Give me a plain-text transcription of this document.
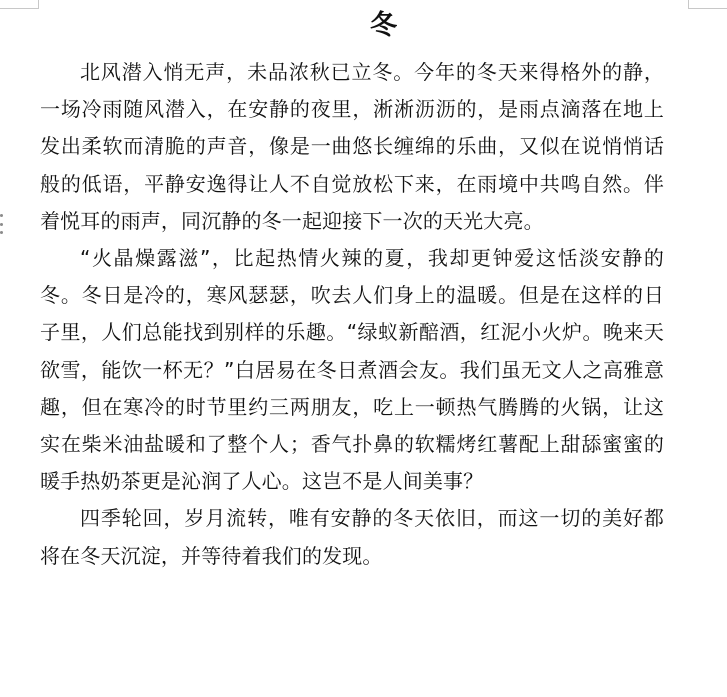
冬

北风潜入悄无声，未品浓秋已立冬。今年的冬天来得格外的静，一场冷雨随风潜入，在安静的夜里，淅淅沥沥的，是雨点滴落在地上发出柔软而清脆的声音，像是一曲悠长缠绵的乐曲，又似在说悄悄话般的低语，平静安逸得让人不自觉放松下来，在雨境中共鸣自然。伴着悦耳的雨声，同沉静的冬一起迎接下一次的天光大亮。

“火晶燥露滋”，比起热情火辣的夏，我却更钟爱这恬淡安静的冬。冬日是冷的，寒风瑟瑟，吹去人们身上的温暖。但是在这样的日子里，人们总能找到别样的乐趣。“绿蚁新醅酒，红泥小火炉。晚来天欲雪，能饮一杯无？”白居易在冬日煮酒会友。我们虽无文人之高雅意趣，但在寒冷的时节里约三两朋友，吃上一顿热气腾腾的火锅，让这实在柴米油盐暖和了整个人；香气扑鼻的软糯烤红薯配上甜舔蜜蜜的暖手热奶茶更是沁润了人心。这岂不是人间美事？

四季轮回，岁月流转，唯有安静的冬天依旧，而这一切的美好都将在冬天沉淀，并等待着我们的发现。
